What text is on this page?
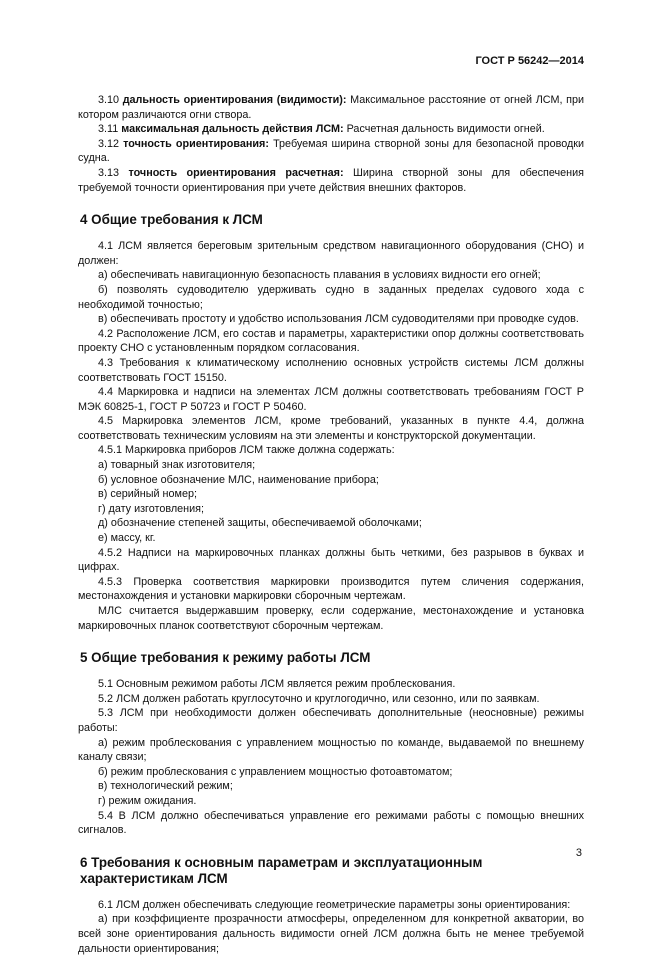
ГОСТ Р 56242—2014

3.10 дальность ориентирования (видимости): Максимальное расстояние от огней ЛСМ, при котором различаются огни створа.

3.11 максимальная дальность действия ЛСМ: Расчетная дальность видимости огней.

3.12 точность ориентирования: Требуемая ширина створной зоны для безопасной проводки судна.

3.13 точность ориентирования расчетная: Ширина створной зоны для обеспечения требуемой точности ориентирования при учете действия внешних факторов.

4 Общие требования к ЛСМ

4.1 ЛСМ является береговым зрительным средством навигационного оборудования (СНО) и должен:

а) обеспечивать навигационную безопасность плавания в условиях видности его огней;

б) позволять судоводителю удерживать судно в заданных пределах судового хода с необходимой точностью;

в) обеспечивать простоту и удобство использования ЛСМ судоводителями при проводке судов.

4.2 Расположение ЛСМ, его состав и параметры, характеристики опор должны соответствовать проекту СНО с установленным порядком согласования.

4.3 Требования к климатическому исполнению основных устройств системы ЛСМ должны соответствовать ГОСТ 15150.

4.4 Маркировка и надписи на элементах ЛСМ должны соответствовать требованиям ГОСТ Р МЭК 60825-1, ГОСТ Р 50723 и ГОСТ Р 50460.

4.5 Маркировка элементов ЛСМ, кроме требований, указанных в пункте 4.4, должна соответствовать техническим условиям на эти элементы и конструкторской документации.

4.5.1 Маркировка приборов ЛСМ также должна содержать:

а) товарный знак изготовителя;

б) условное обозначение МЛС, наименование прибора;

в) серийный номер;

г) дату изготовления;

д) обозначение степеней защиты, обеспечиваемой оболочками;

е) массу, кг.

4.5.2 Надписи на маркировочных планках должны быть четкими, без разрывов в буквах и цифрах.

4.5.3 Проверка соответствия маркировки производится путем сличения содержания, местонахождения и установки маркировки сборочным чертежам.

МЛС считается выдержавшим проверку, если содержание, местонахождение и установка маркировочных планок соответствуют сборочным чертежам.

5 Общие требования к режиму работы ЛСМ

5.1 Основным режимом работы ЛСМ является режим проблескования.

5.2 ЛСМ должен работать круглосуточно и круглогодично, или сезонно, или по заявкам.

5.3 ЛСМ при необходимости должен обеспечивать дополнительные (неосновные) режимы работы:

а) режим проблескования с управлением мощностью по команде, выдаваемой по внешнему каналу связи;

б) режим проблескования с управлением мощностью фотоавтоматом;

в) технологический режим;

г) режим ожидания.

5.4 В ЛСМ должно обеспечиваться управление его режимами работы с помощью внешних сигналов.

6 Требования к основным параметрам и эксплуатационным
характеристикам ЛСМ

6.1 ЛСМ должен обеспечивать следующие геометрические параметры зоны ориентирования:

а) при коэффициенте прозрачности атмосферы, определенном для конкретной акватории, во всей зоне ориентирования дальность видимости огней ЛСМ должна быть не менее требуемой дальности ориентирования;

3
